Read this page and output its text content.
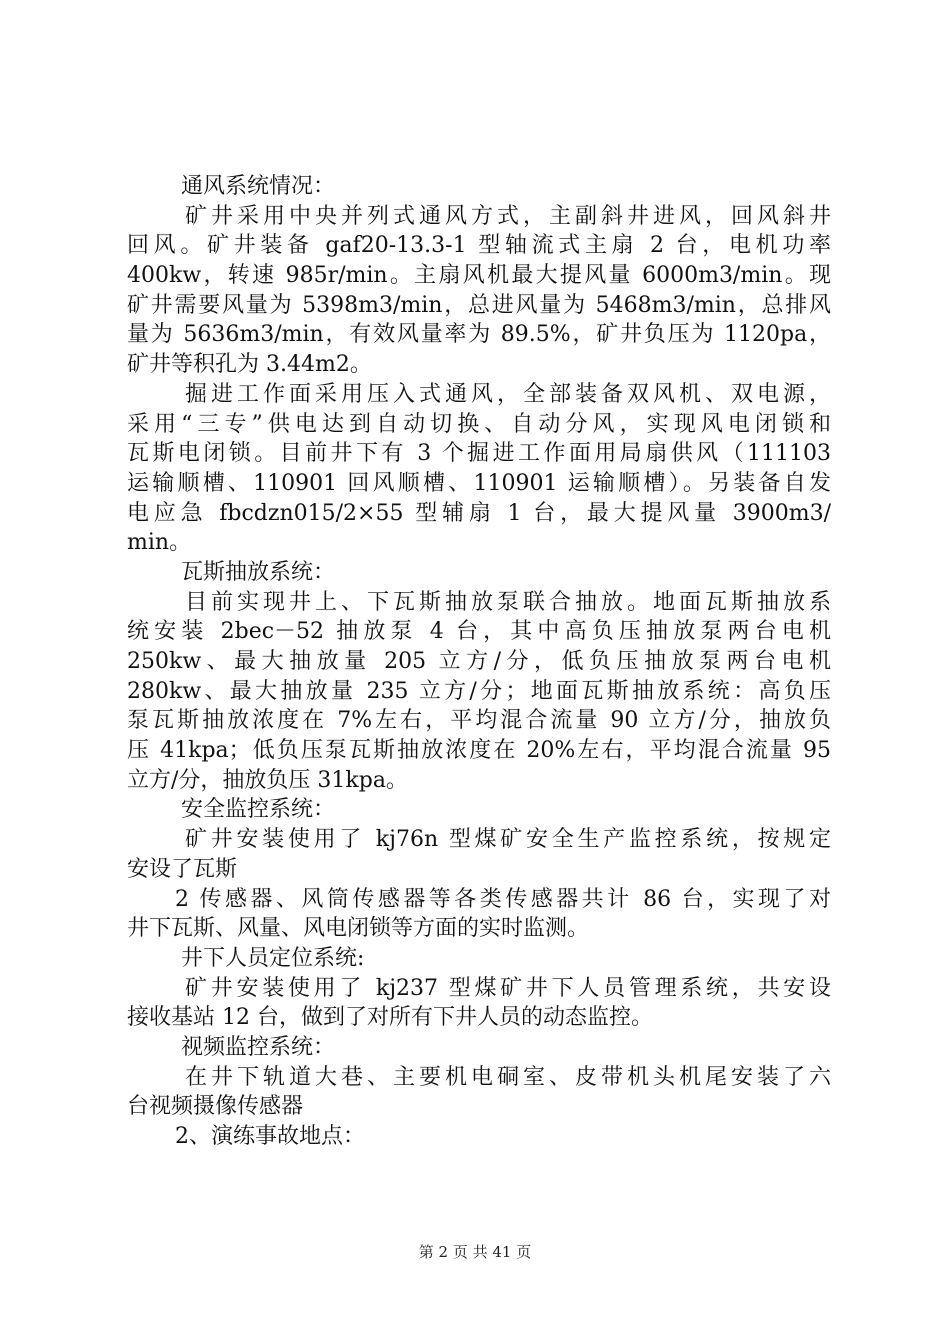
通风系统情况：
矿井采用中央并列式通风方式，主副斜井进风，回风斜井
回风。矿井装备 gaf20-13.3-1 型轴流式主扇 2 台，电机功率
400kw，转速 985r/min。主扇风机最大提风量 6000m3/min。现
矿井需要风量为 5398m3/min，总进风量为 5468m3/min，总排风
量为 5636m3/min，有效风量率为 89.5%，矿井负压为 1120pa，
矿井等积孔为 3.44m2。
掘进工作面采用压入式通风，全部装备双风机、双电源，
采用“三专”供电达到自动切换、自动分风，实现风电闭锁和
瓦斯电闭锁。目前井下有 3 个掘进工作面用局扇供风（111103
运输顺槽、110901 回风顺槽、110901 运输顺槽）。另装备自发
电应急 fbcdzn015/2×55 型辅扇 1 台，最大提风量 3900m3/
min。
瓦斯抽放系统：
目前实现井上、下瓦斯抽放泵联合抽放。地面瓦斯抽放系
统安装 2bec－52 抽放泵 4 台，其中高负压抽放泵两台电机
250kw、最大抽放量 205 立方/分，低负压抽放泵两台电机
280kw、最大抽放量 235 立方/分；地面瓦斯抽放系统：高负压
泵瓦斯抽放浓度在 7%左右，平均混合流量 90 立方/分，抽放负
压 41kpa；低负压泵瓦斯抽放浓度在 20%左右，平均混合流量 95
立方/分，抽放负压 31kpa。
安全监控系统：
矿井安装使用了 kj76n 型煤矿安全生产监控系统，按规定
安设了瓦斯
2 传感器、风筒传感器等各类传感器共计 86 台，实现了对
井下瓦斯、风量、风电闭锁等方面的实时监测。
井下人员定位系统:
矿井安装使用了 kj237 型煤矿井下人员管理系统，共安设
接收基站 12 台，做到了对所有下井人员的动态监控。
视频监控系统：
在井下轨道大巷、主要机电硐室、皮带机头机尾安装了六
台视频摄像传感器
2、演练事故地点：
第 2 页 共 41 页
